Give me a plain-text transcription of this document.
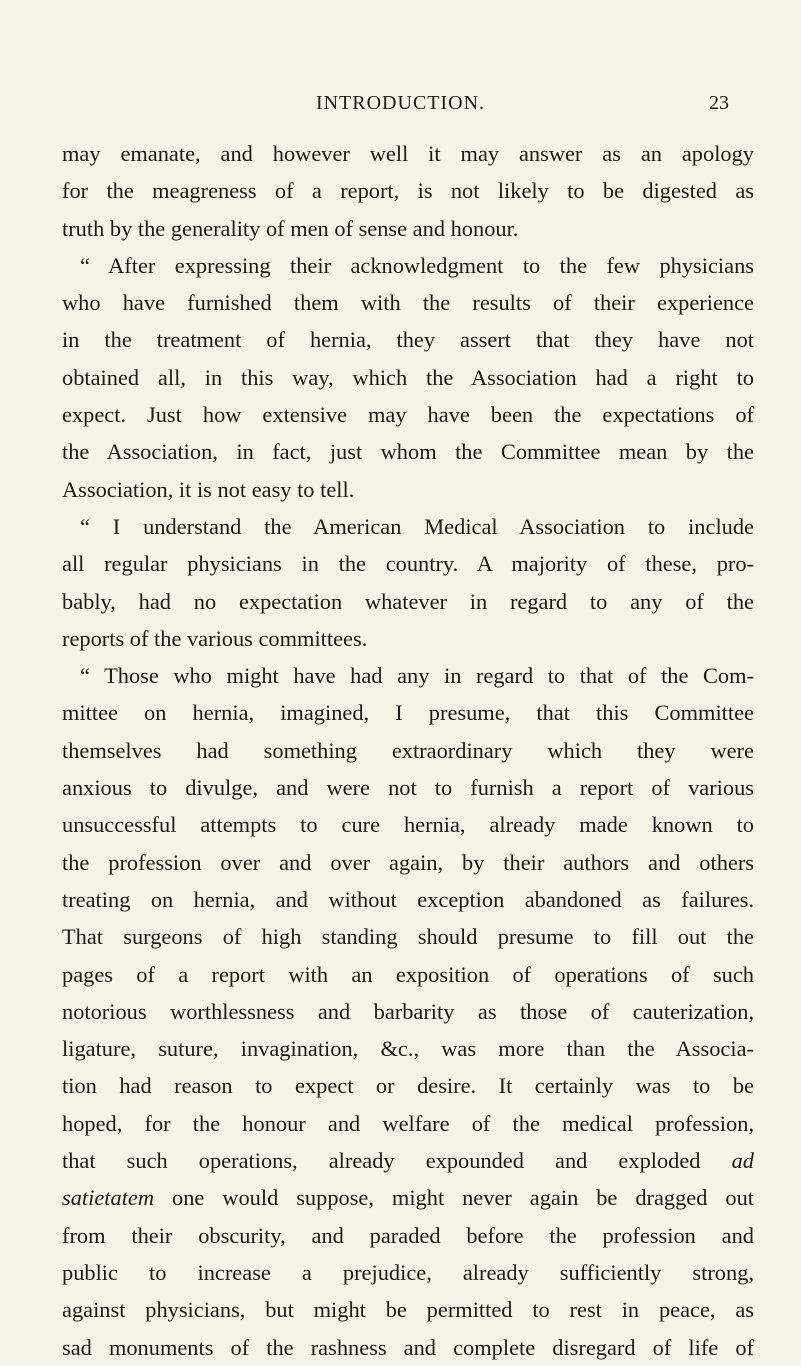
INTRODUCTION.	23
may emanate, and however well it may answer as an apology
for the meagreness of a report, is not likely to be digested as
truth by the generality of men of sense and honour.
“ After expressing their acknowledgment to the few physicians
who have furnished them with the results of their experience
in the treatment of hernia, they assert that they have not
obtained all, in this way, which the Association had a right to
expect. Just how extensive may have been the expectations of
the Association, in fact, just whom the Committee mean by the
Association, it is not easy to tell.
“ I understand the American Medical Association to include
all regular physicians in the country. A majority of these, pro-
bably, had no expectation whatever in regard to any of the
reports of the various committees.
“ Those who might have had any in regard to that of the Com-
mittee on hernia, imagined, I presume, that this Committee
themselves had something extraordinary which they were
anxious to divulge, and were not to furnish a report of various
unsuccessful attempts to cure hernia, already made known to
the profession over and over again, by their authors and others
treating on hernia, and without exception abandoned as failures.
That surgeons of high standing should presume to fill out the
pages of a report with an exposition of operations of such
notorious worthlessness and barbarity as those of cauterization,
ligature, suture, invagination, &c., was more than the Associa-
tion had reason to expect or desire. It certainly was to be
hoped, for the honour and welfare of the medical profession,
that such operations, already expounded and exploded ad
satietatem one would suppose, might never again be dragged out
from their obscurity, and paraded before the profession and
public to increase a prejudice, already sufficiently strong,
against physicians, but might be permitted to rest in peace, as
sad monuments of the rashness and complete disregard of life of
